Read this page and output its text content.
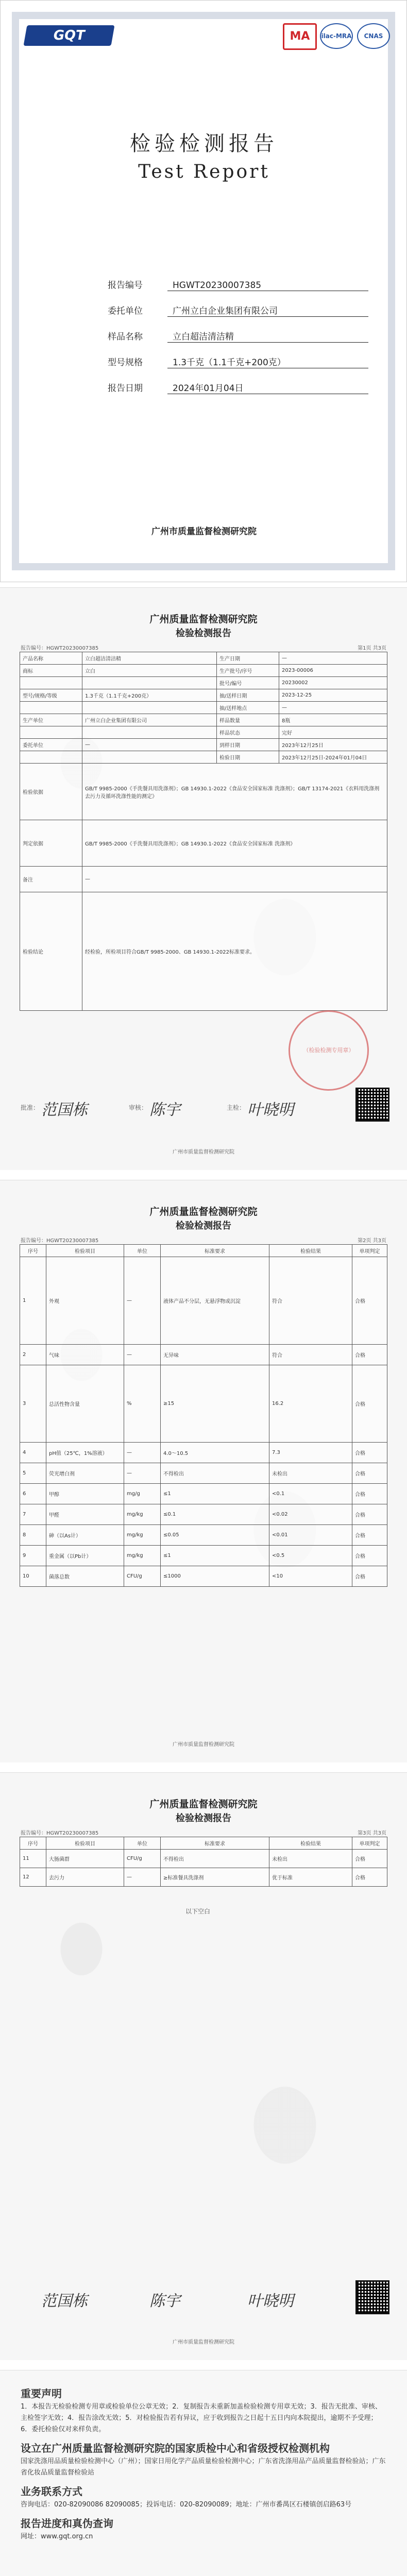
GQT	MA	ilac-MRA	CNAS
检验检测报告
Test Report
报告编号	HGWT20230007385
委托单位	广州立白企业集团有限公司
样品名称	立白超洁清洁精
型号规格	1.3千克（1.1千克+200克）
报告日期	2024年01月04日
广州市质量监督检测研究院
广州质量监督检测研究院
检验检测报告
报告编号：HGWT20230007385	第1页 共3页
产品名称	立白超洁清洁精	生产日期	—
商标	立白	生产批号/序号	2023-00006
		批号/编号	20230002
型号/规格/等级	1.3千克（1.1千克+200克）	抽/送样日期	2023-12-25
		抽/送样地点	—
生产单位	广州立白企业集团有限公司	样品数量	8瓶
		样品状态	完好
委托单位	—	到样日期	2023年12月25日
		检验日期	2023年12月25日-2024年01月04日
检验依据	GB/T 9985-2000《手洗餐具用洗涤剂》；GB 14930.1-2022《食品安全国家标准 洗涤剂》；GB/T 13174-2021《衣料用洗涤剂去污力及循环洗涤性能的测定》		
判定依据	GB/T 9985-2000《手洗餐具用洗涤剂》；GB 14930.1-2022《食品安全国家标准 洗涤剂》		
备注	—		
检验结论	经检验，所检项目符合GB/T 9985-2000、GB 14930.1-2022标准要求。		
（检验检测专用章）
批准： 范国栋	审核： 陈宇	主检： 叶晓明
广州市质量监督检测研究院
广州质量监督检测研究院
检验检测报告
报告编号：HGWT20230007385	第2页 共3页
序号	检验项目	单位	标准要求	检验结果	单项判定
1	外观	—	液体产品不分层，无悬浮物或沉淀	符合	合格
2	气味	—	无异味	符合	合格
3	总活性物含量	%	≥15	16.2	合格
4	pH值（25℃，1%溶液）	—	4.0～10.5	7.3	合格
5	荧光增白剂	—	不得检出	未检出	合格
6	甲醇	mg/g	≤1	<0.1	合格
7	甲醛	mg/kg	≤0.1	<0.02	合格
8	砷（以As计）	mg/kg	≤0.05	<0.01	合格
9	重金属（以Pb计）	mg/kg	≤1	<0.5	合格
10	菌落总数	CFU/g	≤1000	<10	合格
广州市质量监督检测研究院
广州质量监督检测研究院
检验检测报告
报告编号：HGWT20230007385	第3页 共3页
序号	检验项目	单位	标准要求	检验结果	单项判定
11	大肠菌群	CFU/g	不得检出	未检出	合格
12	去污力	—	≥标准餐具洗涤剂	优于标准	合格
以下空白
范国栋	陈宇	叶晓明
广州市质量监督检测研究院
重要声明

1．本报告无检验检测专用章或检验单位公章无效；2．复制报告未重新加盖检验检测专用章无效；3．报告无批准、审核、主检签字无效；4．报告涂改无效；5．对检验报告若有异议，应于收到报告之日起十五日内向本院提出，逾期不予受理；6．委托检验仅对来样负责。

设立在广州质量监督检测研究院的国家质检中心和省级授权检测机构

国家洗涤用品质量检验检测中心（广州）；国家日用化学产品质量检验检测中心；广东省洗涤用品产品质量监督检验站；广东省化妆品质量监督检验站

业务联系方式

咨询电话：020-82090086 82090085；投诉电话：020-82090089；地址：广州市番禺区石楼镇创启路63号

报告进度和真伪查询

网址：www.gqt.org.cn
